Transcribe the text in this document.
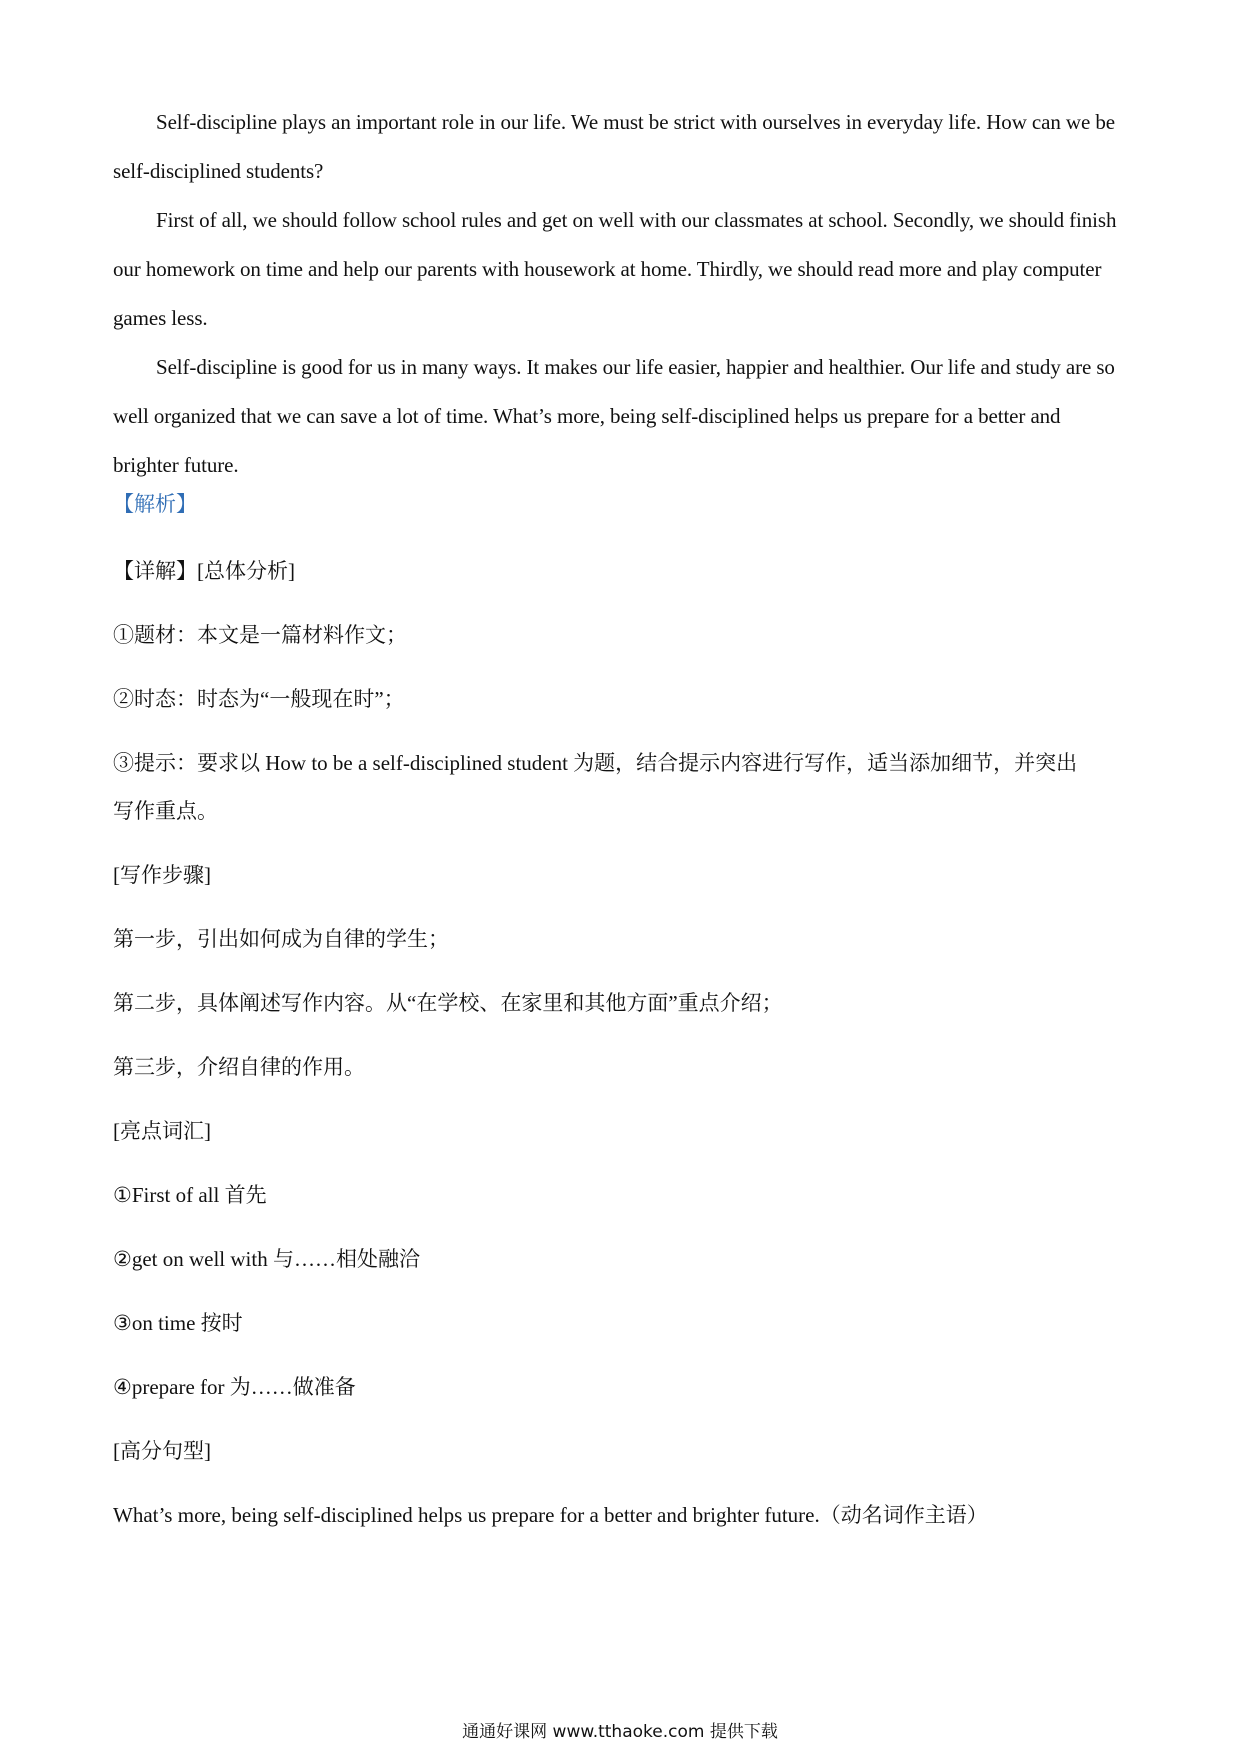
Self-discipline plays an important role in our life. We must be strict with ourselves in everyday life. How can we be self-disciplined students?

First of all, we should follow school rules and get on well with our classmates at school. Secondly, we should finish our homework on time and help our parents with housework at home. Thirdly, we should read more and play computer games less.

Self-discipline is good for us in many ways. It makes our life easier, happier and healthier. Our life and study are so well organized that we can save a lot of time. What’s more, being self-disciplined helps us prepare for a better and brighter future.

【解析】
【详解】[总体分析]
①题材：本文是一篇材料作文；
②时态：时态为“一般现在时”；
③提示：要求以 How to be a self-disciplined student 为题，结合提示内容进行写作，适当添加细节，并突出
写作重点。
[写作步骤]
第一步，引出如何成为自律的学生；
第二步，具体阐述写作内容。从“在学校、在家里和其他方面”重点介绍；
第三步，介绍自律的作用。
[亮点词汇]
①First of all 首先
②get on well with 与……相处融洽
③on time 按时
④prepare for 为……做准备
[高分句型]
What’s more, being self-disciplined helps us prepare for a better and brighter future.（动名词作主语）
通通好课网 www.tthaoke.com 提供下载
